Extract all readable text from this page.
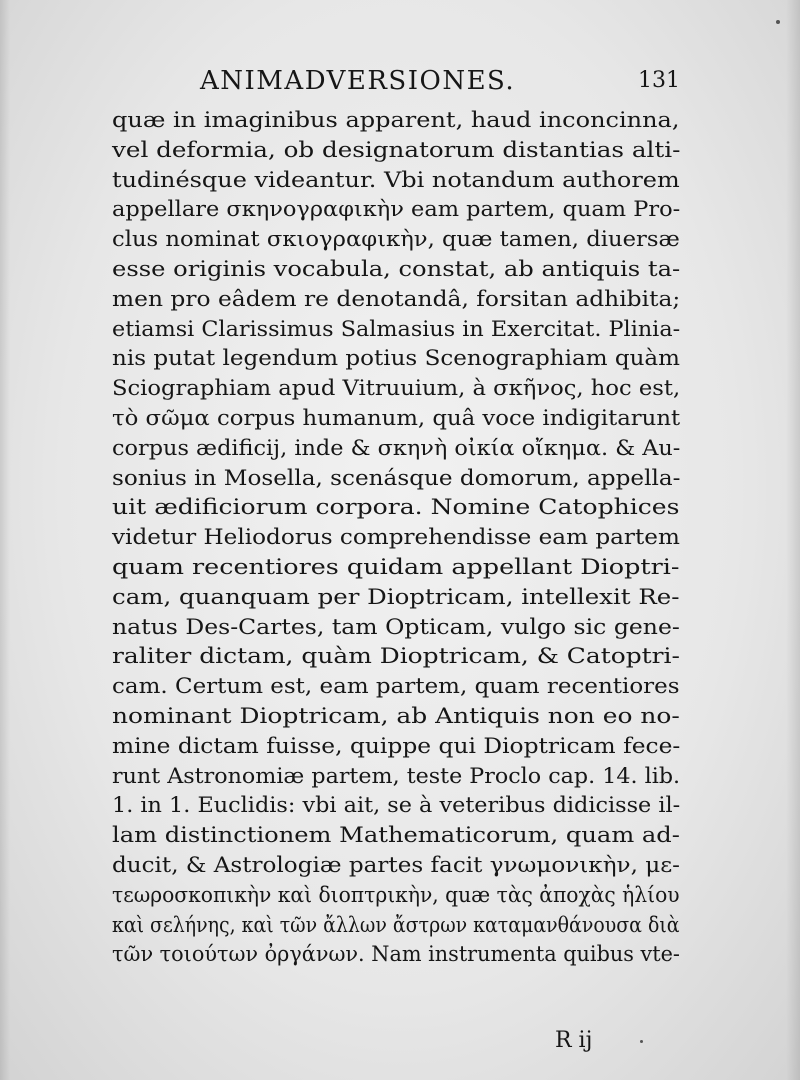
ANIMADVERSIONES.	131
quæ in imaginibus apparent, haud inconcinna,
vel deformia, ob designatorum distantias alti-
tudinésque videantur. Vbi notandum authorem
appellare σκηνογραφικὴν eam partem, quam Pro-
clus nominat σκιογραφικὴν, quæ tamen, diuersæ
esse originis vocabula, constat, ab antiquis ta-
men pro eâdem re denotandâ, forsitan adhibita;
etiamsi Clarissimus Salmasius in Exercitat. Plinia-
nis putat legendum potius Scenographiam quàm
Sciographiam apud Vitruuium, à σκῆνος, hoc est,
τὸ σῶμα corpus humanum, quâ voce indigitarunt
corpus ædificij, inde & σκηνὴ οἰκία οἴκημα. & Au-
sonius in Mosella, scenásque domorum, appella-
uit ædificiorum corpora. Nomine Catophices
videtur Heliodorus comprehendisse eam partem
quam recentiores quidam appellant Dioptri-
cam, quanquam per Dioptricam, intellexit Re-
natus Des-Cartes, tam Opticam, vulgo sic gene-
raliter dictam, quàm Dioptricam, & Catoptri-
cam. Certum est, eam partem, quam recentiores
nominant Dioptricam, ab Antiquis non eo no-
mine dictam fuisse, quippe qui Dioptricam fece-
runt Astronomiæ partem, teste Proclo cap. 14. lib.
1. in 1. Euclidis: vbi ait, se à veteribus didicisse il-
lam distinctionem Mathematicorum, quam ad-
ducit, & Astrologiæ partes facit γνωμονικὴν, με-
τεωροσκοπικὴν καὶ διοπτρικὴν, quæ τὰς ἀποχὰς ἡλίου
καὶ σελήνης, καὶ τῶν ἄλλων ἄστρων καταμανθάνουσα διὰ
τῶν τοιούτων ὀργάνων. Nam instrumenta quibus vte-
R ij
